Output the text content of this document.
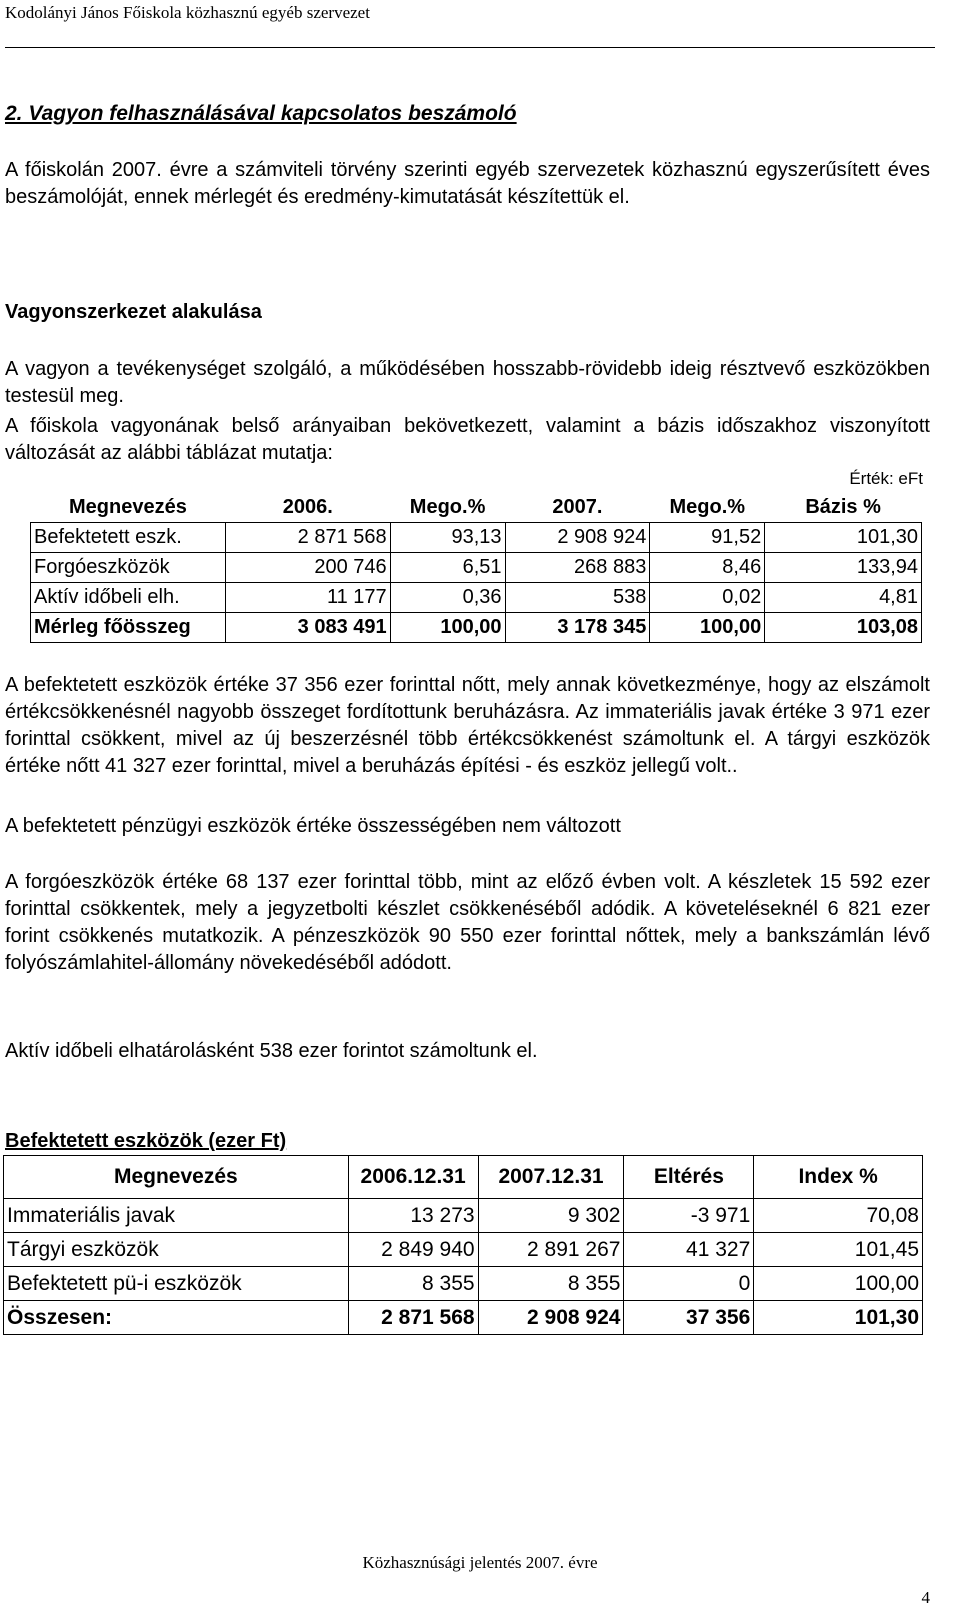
Kodolányi János Főiskola közhasznú egyéb szervezet
2. Vagyon felhasználásával kapcsolatos beszámoló

A főiskolán 2007. évre a számviteli törvény szerinti egyéb szervezetek közhasznú egyszerűsített éves beszámolóját, ennek mérlegét és eredmény-kimutatását készítettük el.

Vagyonszerkezet alakulása

A vagyon a tevékenységet szolgáló, a működésében hosszabb-rövidebb ideig résztvevő eszközökben testesül meg.

A főiskola vagyonának belső arányaiban bekövetkezett, valamint a bázis időszakhoz viszonyított változását az alábbi táblázat mutatja:

Érték: eFt
Megnevezés	2006.	Mego.%	2007.	Mego.%	Bázis %
Befektetett eszk.	2 871 568	93,13	2 908 924	91,52	101,30
Forgóeszközök	200 746	6,51	268 883	8,46	133,94
Aktív időbeli elh.	11 177	0,36	538	0,02	4,81
Mérleg főösszeg	3 083 491	100,00	3 178 345	100,00	103,08

A befektetett eszközök értéke 37 356 ezer forinttal nőtt, mely annak következménye, hogy az elszámolt értékcsökkenésnél nagyobb összeget fordítottunk beruházásra. Az immateriális javak értéke 3 971 ezer forinttal csökkent, mivel az új beszerzésnél több értékcsökkenést számoltunk el. A tárgyi eszközök értéke nőtt 41 327 ezer forinttal, mivel a beruházás építési - és eszköz jellegű volt..

A befektetett pénzügyi eszközök értéke összességében nem változott

A forgóeszközök értéke 68 137 ezer forinttal több, mint az előző évben volt. A készletek 15 592 ezer forinttal csökkentek, mely a jegyzetbolti készlet csökkenéséből adódik. A követeléseknél 6 821 ezer forint csökkenés mutatkozik. A pénzeszközök 90 550 ezer forinttal nőttek, mely a bankszámlán lévő folyószámlahitel-állomány növekedéséből adódott.

Aktív időbeli elhatárolásként 538 ezer forintot számoltunk el.

Befektetett eszközök (ezer Ft)
Megnevezés	2006.12.31	2007.12.31	Eltérés	Index %
Immateriális javak	13 273	9 302	-3 971	70,08
Tárgyi eszközök	2 849 940	2 891 267	41 327	101,45
Befektetett pü-i eszközök	8 355	8 355	0	100,00
Összesen:	2 871 568	2 908 924	37 356	101,30
Közhasznúsági jelentés 2007. évre
4
